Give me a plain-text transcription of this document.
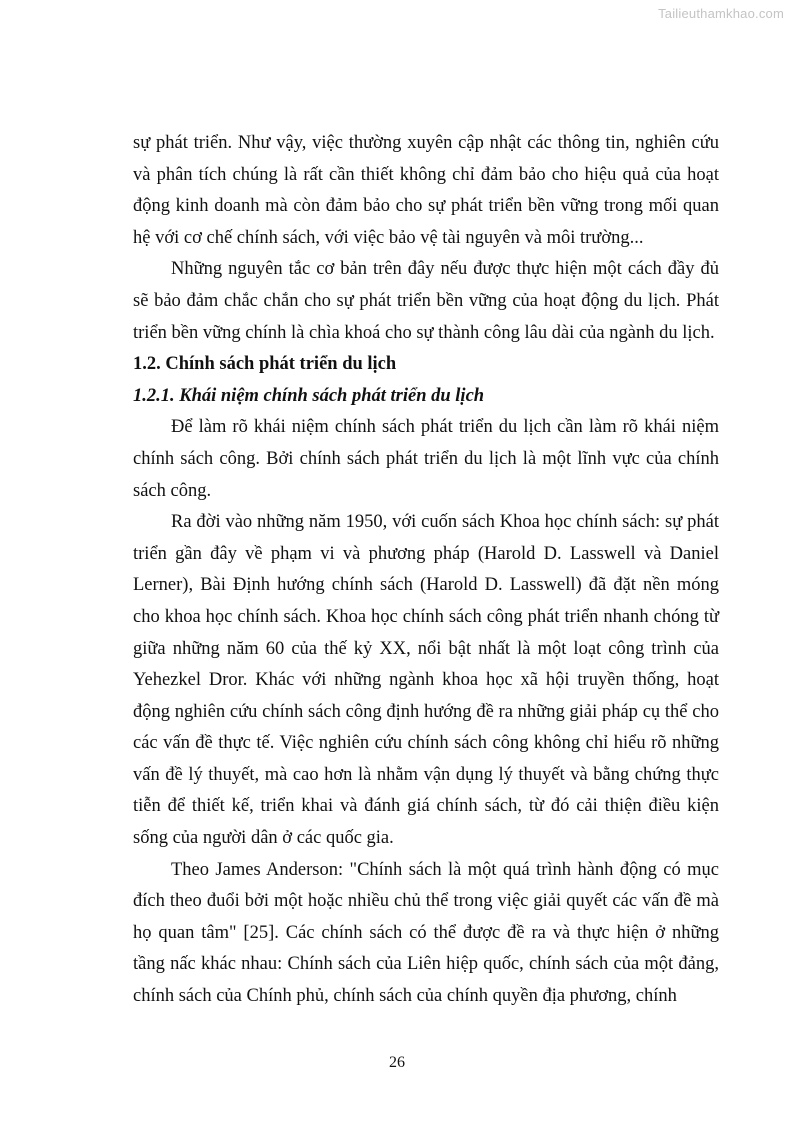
Tailieuthamkhao.com

sự phát triển. Như vậy, việc thường xuyên cập nhật các thông tin, nghiên cứu và phân tích chúng là rất cần thiết không chỉ đảm bảo cho hiệu quả của hoạt động kinh doanh mà còn đảm bảo cho sự phát triển bền vững trong mối quan hệ với cơ chế chính sách, với việc bảo vệ tài nguyên và môi trường...

Những nguyên tắc cơ bản trên đây nếu được thực hiện một cách đầy đủ sẽ bảo đảm chắc chắn cho sự phát triển bền vững của hoạt động du lịch. Phát triển bền vững chính là chìa khoá cho sự thành công lâu dài của ngành du lịch.

1.2. Chính sách phát triển du lịch

1.2.1. Khái niệm chính sách phát triển du lịch

Để làm rõ khái niệm chính sách phát triển du lịch cần làm rõ khái niệm chính sách công. Bởi chính sách phát triển du lịch là một lĩnh vực của chính sách công.

Ra đời vào những năm 1950, với cuốn sách Khoa học chính sách: sự phát triển gần đây về phạm vi và phương pháp (Harold D. Lasswell và Daniel Lerner), Bài Định hướng chính sách (Harold D. Lasswell) đã đặt nền móng cho khoa học chính sách. Khoa học chính sách công phát triển nhanh chóng từ giữa những năm 60 của thế kỷ XX, nổi bật nhất là một loạt công trình của Yehezkel Dror. Khác với những ngành khoa học xã hội truyền thống, hoạt động nghiên cứu chính sách công định hướng đề ra những giải pháp cụ thể cho các vấn đề thực tế. Việc nghiên cứu chính sách công không chỉ hiểu rõ những vấn đề lý thuyết, mà cao hơn là nhằm vận dụng lý thuyết và bằng chứng thực tiễn để thiết kế, triển khai và đánh giá chính sách, từ đó cải thiện điều kiện sống của người dân ở các quốc gia.

Theo James Anderson: "Chính sách là một quá trình hành động có mục đích theo đuổi bởi một hoặc nhiều chủ thể trong việc giải quyết các vấn đề mà họ quan tâm" [25]. Các chính sách có thể được đề ra và thực hiện ở những tầng nấc khác nhau: Chính sách của Liên hiệp quốc, chính sách của một đảng, chính sách của Chính phủ, chính sách của chính quyền địa phương, chính

26
